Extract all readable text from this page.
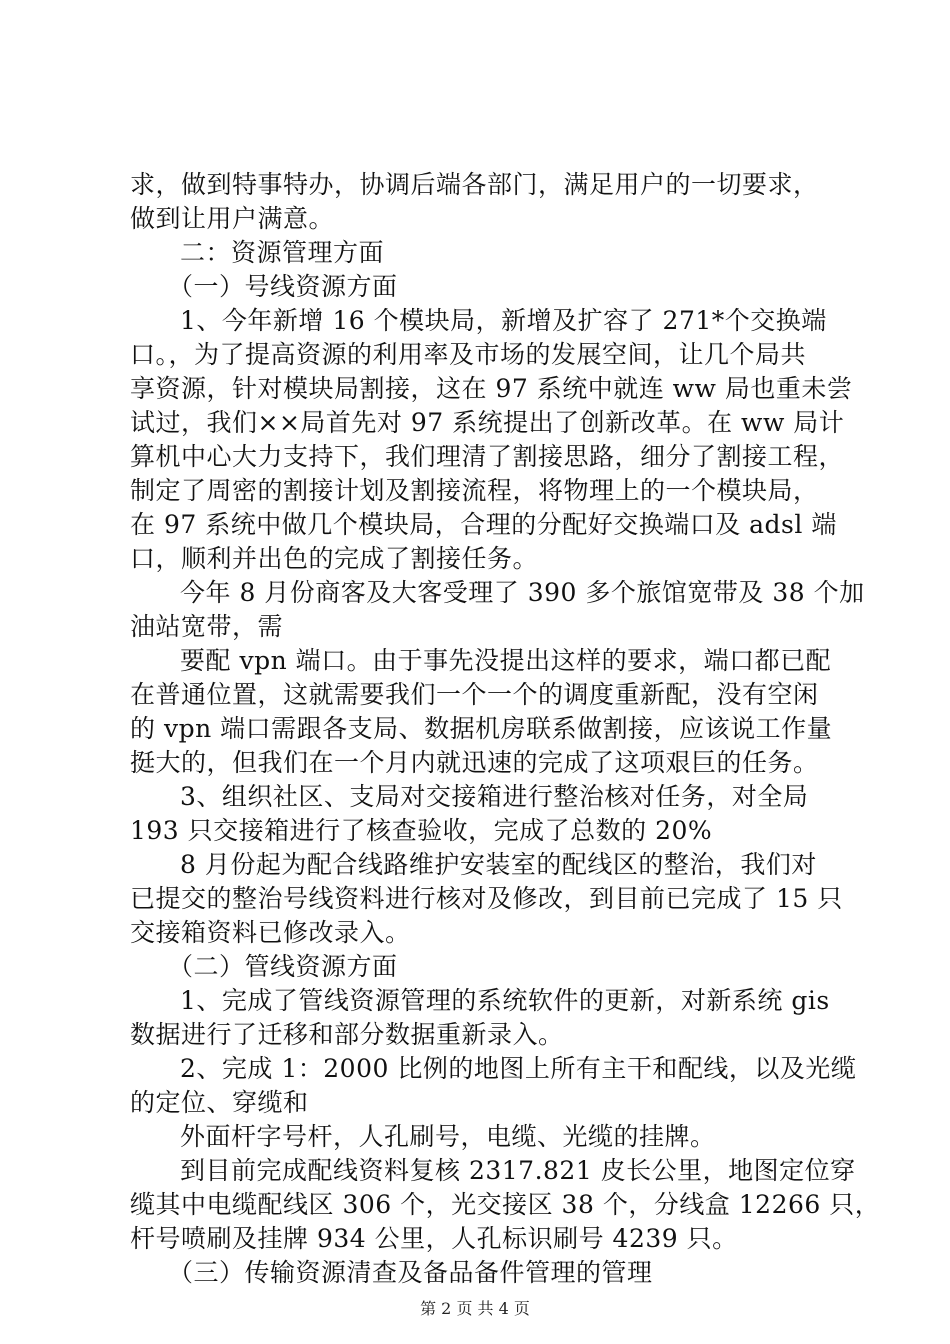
求，做到特事特办，协调后端各部门，满足用户的一切要求，
做到让用户满意。
二：资源管理方面
（一）号线资源方面
1、今年新增 16 个模块局，新增及扩容了 271*个交换端
口。，为了提高资源的利用率及市场的发展空间，让几个局共
享资源，针对模块局割接，这在 97 系统中就连 ww 局也重未尝
试过，我们××局首先对 97 系统提出了创新改革。在 ww 局计
算机中心大力支持下，我们理清了割接思路，细分了割接工程，
制定了周密的割接计划及割接流程，将物理上的一个模块局，
在 97 系统中做几个模块局，合理的分配好交换端口及 adsl 端
口，顺利并出色的完成了割接任务。
今年 8 月份商客及大客受理了 390 多个旅馆宽带及 38 个加
油站宽带，需
要配 vpn 端口。由于事先没提出这样的要求，端口都已配
在普通位置，这就需要我们一个一个的调度重新配，没有空闲
的 vpn 端口需跟各支局、数据机房联系做割接，应该说工作量
挺大的，但我们在一个月内就迅速的完成了这项艰巨的任务。
3、组织社区、支局对交接箱进行整治核对任务，对全局
193 只交接箱进行了核查验收，完成了总数的 20%
8 月份起为配合线路维护安装室的配线区的整治，我们对
已提交的整治号线资料进行核对及修改，到目前已完成了 15 只
交接箱资料已修改录入。
（二）管线资源方面
1、完成了管线资源管理的系统软件的更新，对新系统 gis
数据进行了迁移和部分数据重新录入。
2、完成 1：2000 比例的地图上所有主干和配线，以及光缆
的定位、穿缆和
外面杆字号杆，人孔刷号，电缆、光缆的挂牌。
到目前完成配线资料复核 2317.821 皮长公里，地图定位穿
缆其中电缆配线区 306 个，光交接区 38 个，分线盒 12266 只，
杆号喷刷及挂牌 934 公里，人孔标识刷号 4239 只。
（三）传输资源清查及备品备件管理的管理
第 2 页 共 4 页
